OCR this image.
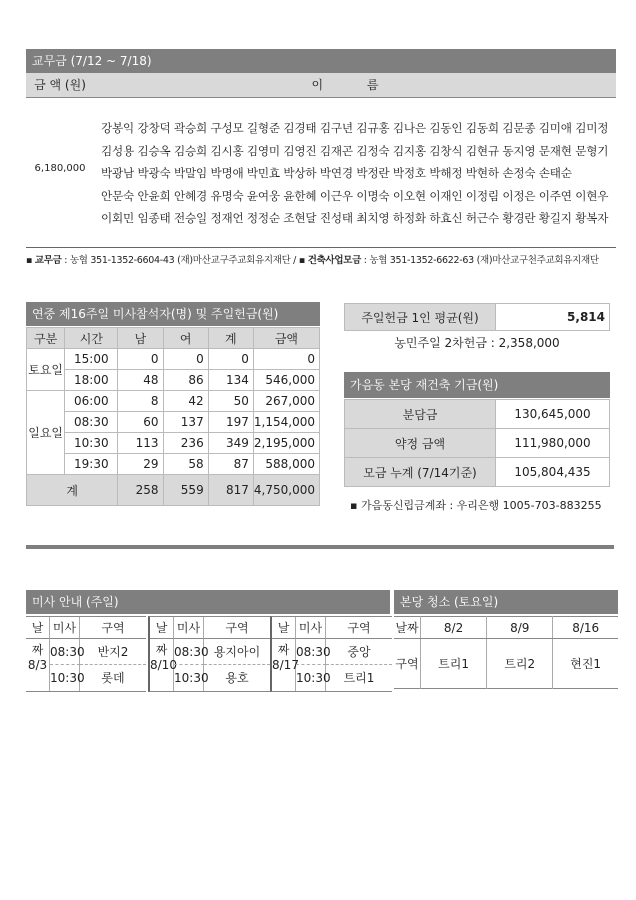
교무금 (7/12 ~ 7/18)
금 액 (원)	이 름
6,180,000
강봉익 강창덕 곽승희 구성모 길형준 김경태 김구년 김규홍 김나은 김동인 김동희 김문종 김미애 김미정
김성용 김승옥 김승희 김시홍 김영미 김영진 김재곤 김정숙 김지홍 김창식 김현규 동지영 문재현 문형기
박광남 박광숙 박말임 박명애 박민효 박상하 박연경 박정란 박정호 박해정 박현하 손정숙 손태순
안문숙 안윤희 안혜경 유명숙 윤여웅 윤한혜 이근우 이명숙 이오현 이재인 이정림 이정은 이주연 이현우
이회민 임종태 전승일 정재언 정정순 조현달 진성태 최치영 하정화 하효신 허근수 황경란 황길지 황복자
▪ 교무금 : 농협 351-1352-6604-43 (재)마산교구주교회유지재단 / ▪ 건축사업모금 : 농협 351-1352-6622-63 (재)마산교구천주교회유지재단
연중 제16주일 미사참석자(명) 및 주일헌금(원)
구분	시간	남	여	계	금액
토요일	15:00	0	0	0	0
	18:00	48	86	134	546,000
일요일	06:00	8	42	50	267,000
	08:30	60	137	197	1,154,000
	10:30	113	236	349	2,195,000
	19:30	29	58	87	588,000
계		258	559	817	4,750,000
주일헌금 1인 평균(원)	5,814
농민주일 2차헌금 : 2,358,000
가음동 본당 재건축 기금(원)
분담금	130,645,000
약정 금액	111,980,000
모금 누계 (7/14기준)	105,804,435
▪ 가음동신립금계좌 : 우리은행 1005-703-883255
미사 안내 (주일)
날짜
미사	구역
8/3
08:30	반지2
10:30	롯데
날짜
미사	구역
8/10
08:30 용지아이
10:30	용호
날짜
미사	구역
8/17
08:30	중앙
10:30	트리1
본당 청소 (토요일)
날짜	8/2	8/9	8/16
구역	트리1	트리2	현진1
